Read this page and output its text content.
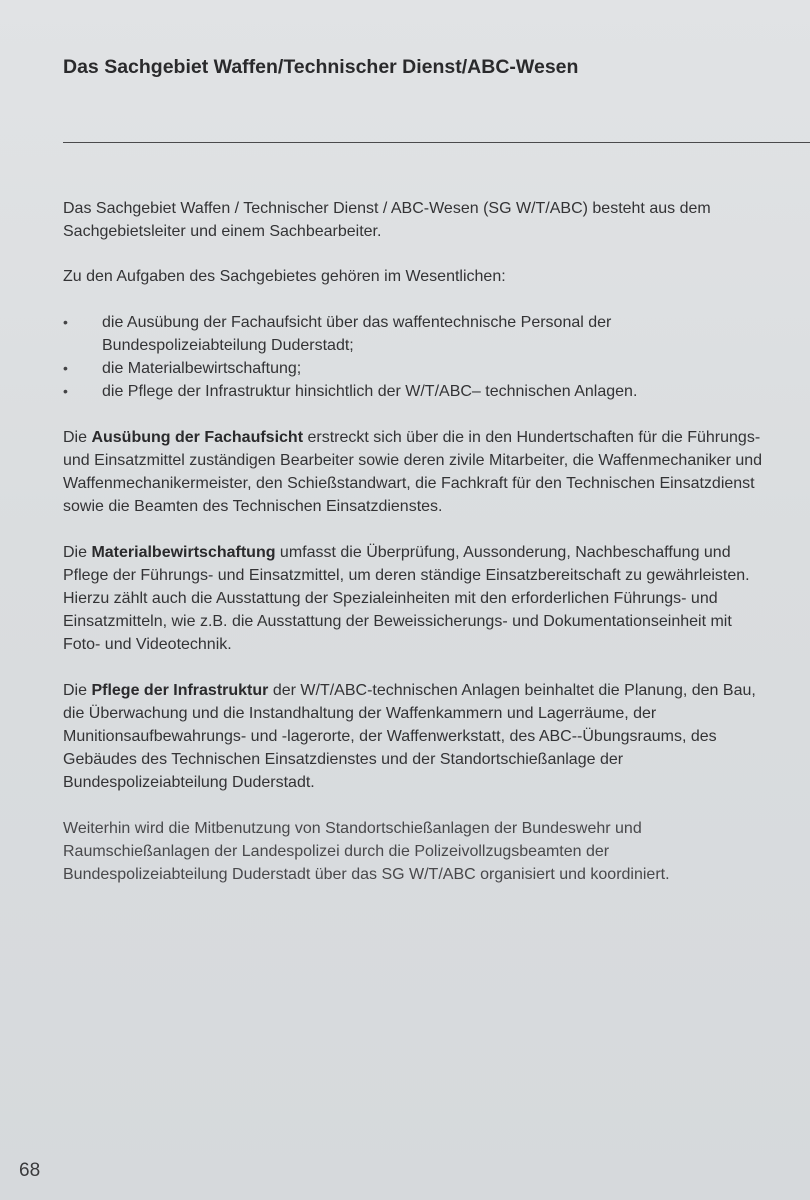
Das Sachgebiet Waffen/Technischer Dienst/ABC-Wesen

Das Sachgebiet Waffen / Technischer Dienst / ABC-Wesen (SG W/T/ABC) besteht aus dem Sachgebietsleiter und einem Sachbearbeiter.

Zu den Aufgaben des Sachgebietes gehören im Wesentlichen:

• die Ausübung der Fachaufsicht über das waffentechnische Personal der Bundespolizeiabteilung Duderstadt;
• die Materialbewirtschaftung;
• die Pflege der Infrastruktur hinsichtlich der W/T/ABC– technischen Anlagen.

Die Ausübung der Fachaufsicht erstreckt sich über die in den Hundertschaften für die Führungs- und Einsatzmittel zuständigen Bearbeiter sowie deren zivile Mitarbeiter, die Waffenmechaniker und Waffenmechanikermeister, den Schießstandwart, die Fachkraft für den Technischen Einsatzdienst sowie die Beamten des Technischen Einsatzdienstes.

Die Materialbewirtschaftung umfasst die Überprüfung, Aussonderung, Nachbeschaffung und Pflege der Führungs- und Einsatzmittel, um deren ständige Einsatzbereitschaft zu gewährleisten. Hierzu zählt auch die Ausstattung der Spezialeinheiten mit den erforderlichen Führungs- und Einsatzmitteln, wie z.B. die Ausstattung der Beweissicherungs- und Dokumentationseinheit mit Foto- und Videotechnik.

Die Pflege der Infrastruktur der W/T/ABC-technischen Anlagen beinhaltet die Planung, den Bau, die Überwachung und die Instandhaltung der Waffenkammern und Lagerräume, der Munitionsaufbewahrungs- und -lagerorte, der Waffenwerkstatt, des ABC--Übungsraums, des Gebäudes des Technischen Einsatzdienstes und der Standortschießanlage der Bundespolizeiabteilung Duderstadt.

Weiterhin wird die Mitbenutzung von Standortschießanlagen der Bundeswehr und Raumschießanlagen der Landespolizei durch die Polizeivollzugsbeamten der Bundespolizeiabteilung Duderstadt über das SG W/T/ABC organisiert und koordiniert.

68
